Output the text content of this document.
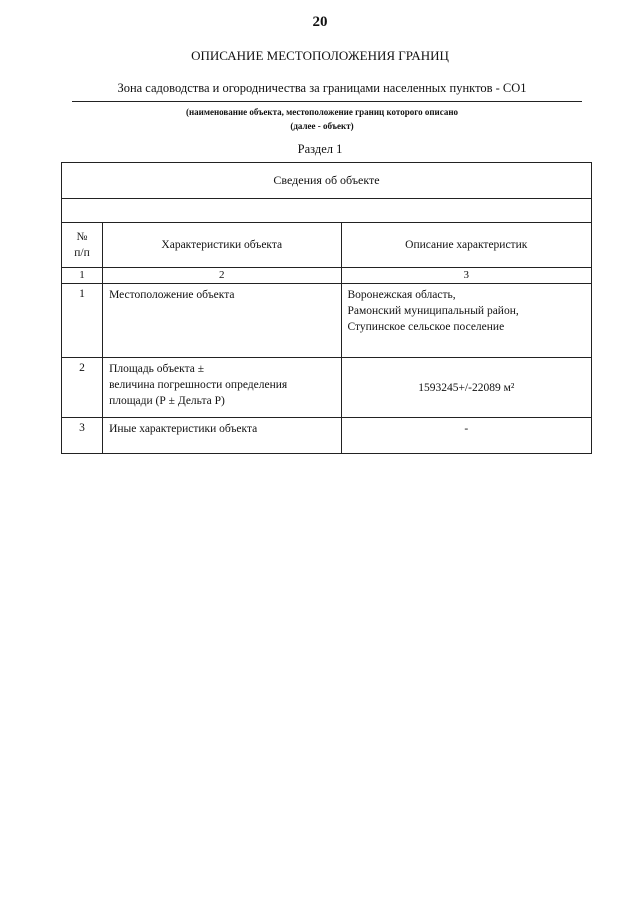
20
ОПИСАНИЕ МЕСТОПОЛОЖЕНИЯ ГРАНИЦ
Зона садоводства и огородничества за границами населенных пунктов - СО1
(наименование объекта, местоположение границ которого описано
(далее - объект)
Раздел 1
Сведения об объекте		

№
п/п	Характеристики объекта	Описание характеристик
1	2	3
1	Местоположение объекта	Воронежская область,
Рамонский муниципальный район,
Ступинское сельское поселение

2	Площадь объекта ±
величина погрешности определения
площади (Р ± Дельта Р)	1593245+/-22089 м²

3	Иные характеристики объекта	-
